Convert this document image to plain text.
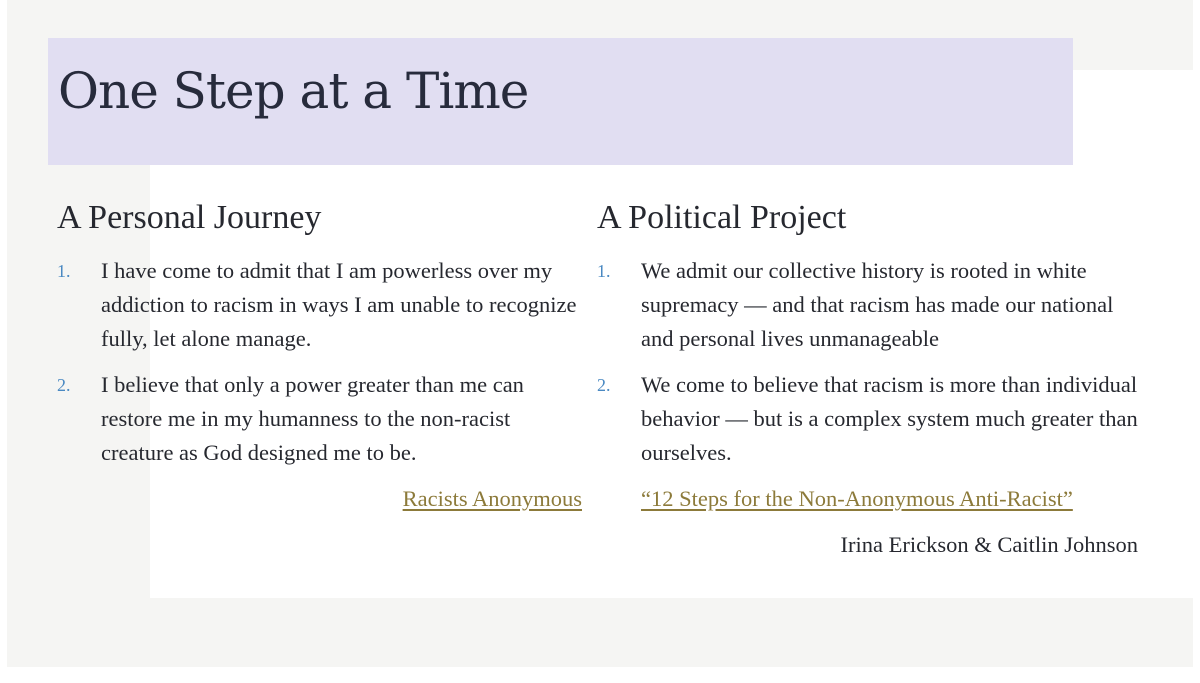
One Step at a Time
A Personal Journey
1. I have come to admit that I am powerless over my addiction to racism in ways I am unable to recognize fully, let alone manage.
2. I believe that only a power greater than me can restore me in my humanness to the non-racist creature as God designed me to be.
Racists Anonymous
A Political Project
1. We admit our collective history is rooted in white supremacy — and that racism has made our national and personal lives unmanageable
2. We come to believe that racism is more than individual behavior — but is a complex system much greater than ourselves.
“12 Steps for the Non-Anonymous Anti-Racist”
Irina Erickson & Caitlin Johnson
